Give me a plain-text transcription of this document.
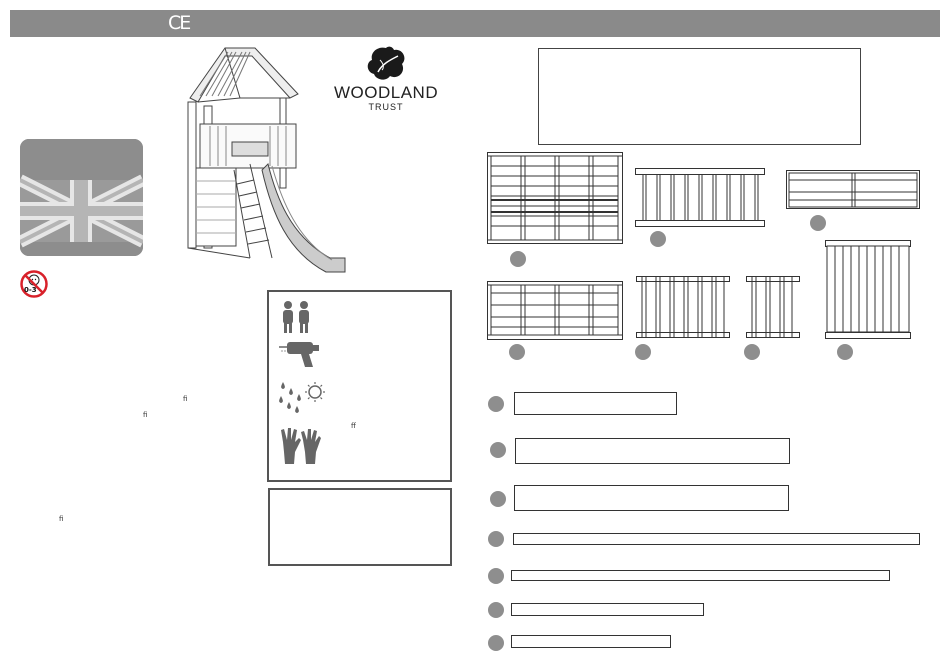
CE
0-3
fi
fi
fi
ff
WOODLAND
TRUST
